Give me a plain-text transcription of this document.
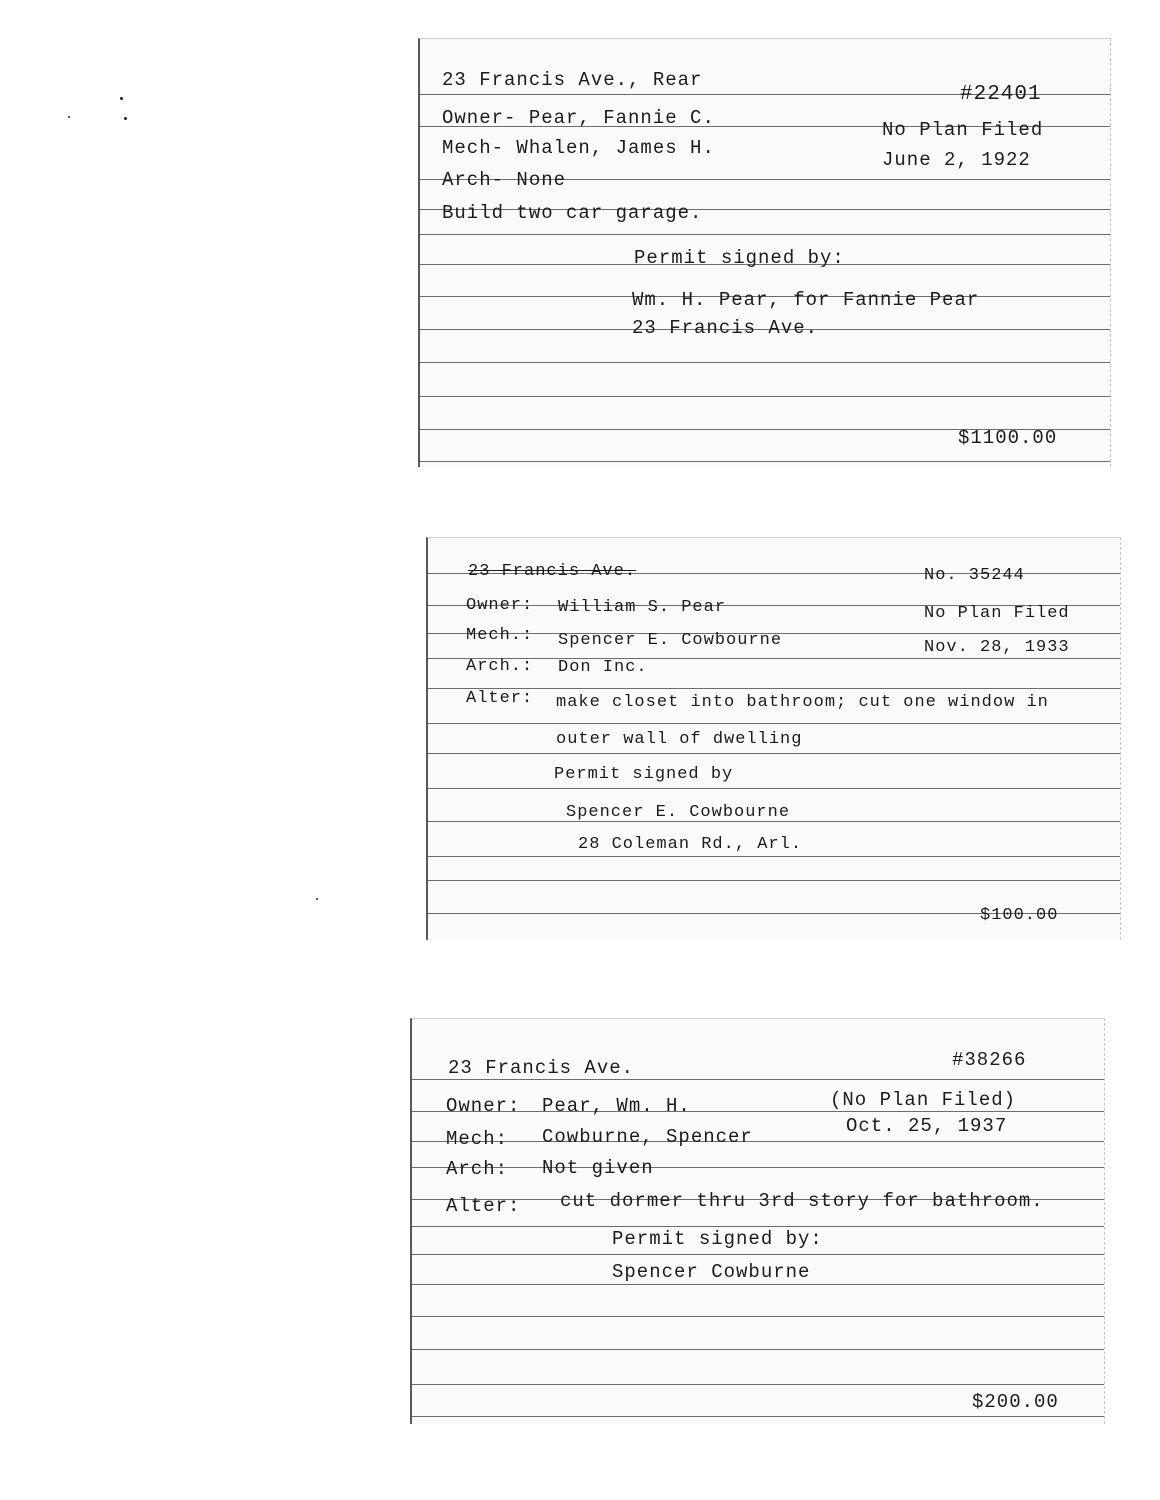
23 Francis Ave., Rear
#22401
Owner- Pear, Fannie C.
No Plan Filed
Mech- Whalen, James H.
June 2, 1922
Arch- None
Build two car garage.
Permit signed by:
Wm. H. Pear, for Fannie Pear
23 Francis Ave.
$1100.00
23 Francis Ave.	No. 35244
Owner: William S. Pear	No Plan Filed
Mech.: Spencer E. Cowbourne	Nov. 28, 1933
Arch.: Don Inc.
Alter: make closet into bathroom; cut one window in
outer wall of dwelling
Permit signed by
Spencer E. Cowbourne
28 Coleman Rd., Arl.
$100.00
23 Francis Ave.	#38266
Owner: Pear, Wm. H.	(No Plan Filed)
Mech: Cowburne, Spencer	Oct. 25, 1937
Arch: Not given
Alter: cut dormer thru 3rd story for bathroom.
Permit signed by:
Spencer Cowburne
$200.00
